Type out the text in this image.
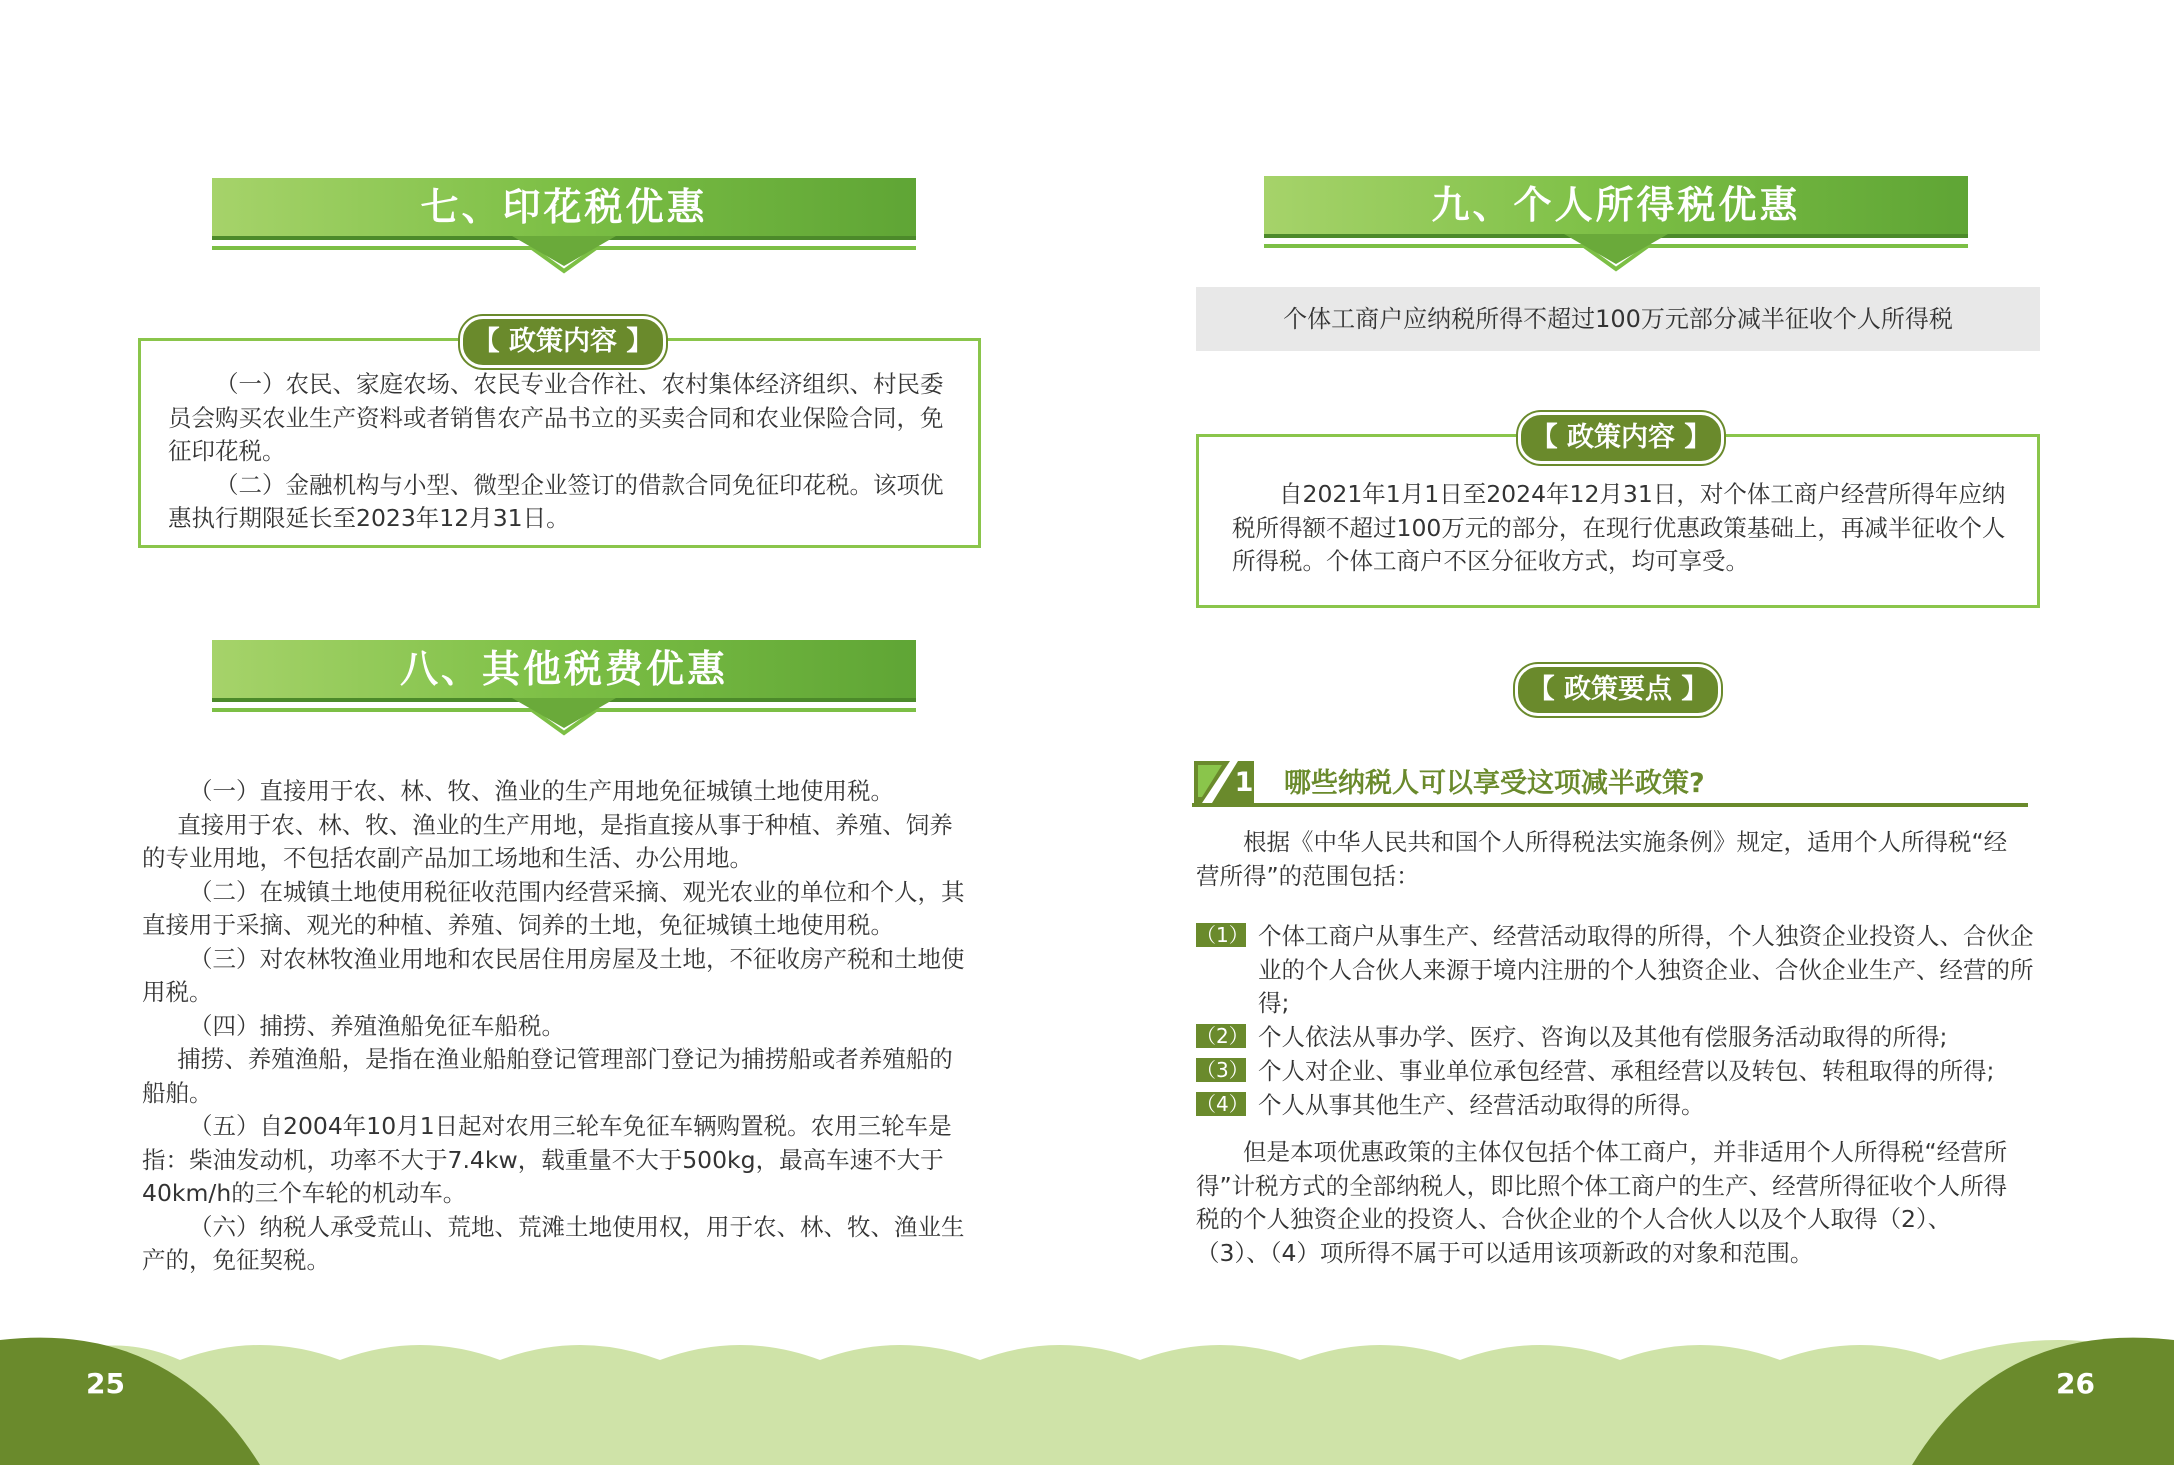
七、印花税优惠
【 政策内容 】
（一）农民、家庭农场、农民专业合作社、农村集体经济组织、村民委
员会购买农业生产资料或者销售农产品书立的买卖合同和农业保险合同，免
征印花税。
（二）金融机构与小型、微型企业签订的借款合同免征印花税。该项优
惠执行期限延长至2023年12月31日。
八、其他税费优惠
（一）直接用于农、林、牧、渔业的生产用地免征城镇土地使用税。
直接用于农、林、牧、渔业的生产用地，是指直接从事于种植、养殖、饲养
的专业用地，不包括农副产品加工场地和生活、办公用地。
（二）在城镇土地使用税征收范围内经营采摘、观光农业的单位和个人，其
直接用于采摘、观光的种植、养殖、饲养的土地，免征城镇土地使用税。
（三）对农林牧渔业用地和农民居住用房屋及土地，不征收房产税和土地使
用税。
（四）捕捞、养殖渔船免征车船税。
捕捞、养殖渔船，是指在渔业船舶登记管理部门登记为捕捞船或者养殖船的
船舶。
（五）自2004年10月1日起对农用三轮车免征车辆购置税。农用三轮车是
指：柴油发动机，功率不大于7.4kw，载重量不大于500kg，最高车速不大于
40km/h的三个车轮的机动车。
（六）纳税人承受荒山、荒地、荒滩土地使用权，用于农、林、牧、渔业生
产的，免征契税。
九、个人所得税优惠
个体工商户应纳税所得不超过100万元部分减半征收个人所得税
【 政策内容 】
自2021年1月1日至2024年12月31日，对个体工商户经营所得年应纳
税所得额不超过100万元的部分，在现行优惠政策基础上，再减半征收个人
所得税。个体工商户不区分征收方式，均可享受。
【 政策要点 】
1 哪些纳税人可以享受这项减半政策?
根据《中华人民共和国个人所得税法实施条例》规定，适用个人所得税“经
营所得”的范围包括：
（1） 个体工商户从事生产、经营活动取得的所得，个人独资企业投资人、合伙企
业的个人合伙人来源于境内注册的个人独资企业、合伙企业生产、经营的所
得;
（2） 个人依法从事办学、医疗、咨询以及其他有偿服务活动取得的所得;
（3） 个人对企业、事业单位承包经营、承租经营以及转包、转租取得的所得;
（4） 个人从事其他生产、经营活动取得的所得。
但是本项优惠政策的主体仅包括个体工商户，并非适用个人所得税“经营所
得”计税方式的全部纳税人，即比照个体工商户的生产、经营所得征收个人所得
税的个人独资企业的投资人、合伙企业的个人合伙人以及个人取得（2）、
（3）、（4）项所得不属于可以适用该项新政的对象和范围。
25	26
